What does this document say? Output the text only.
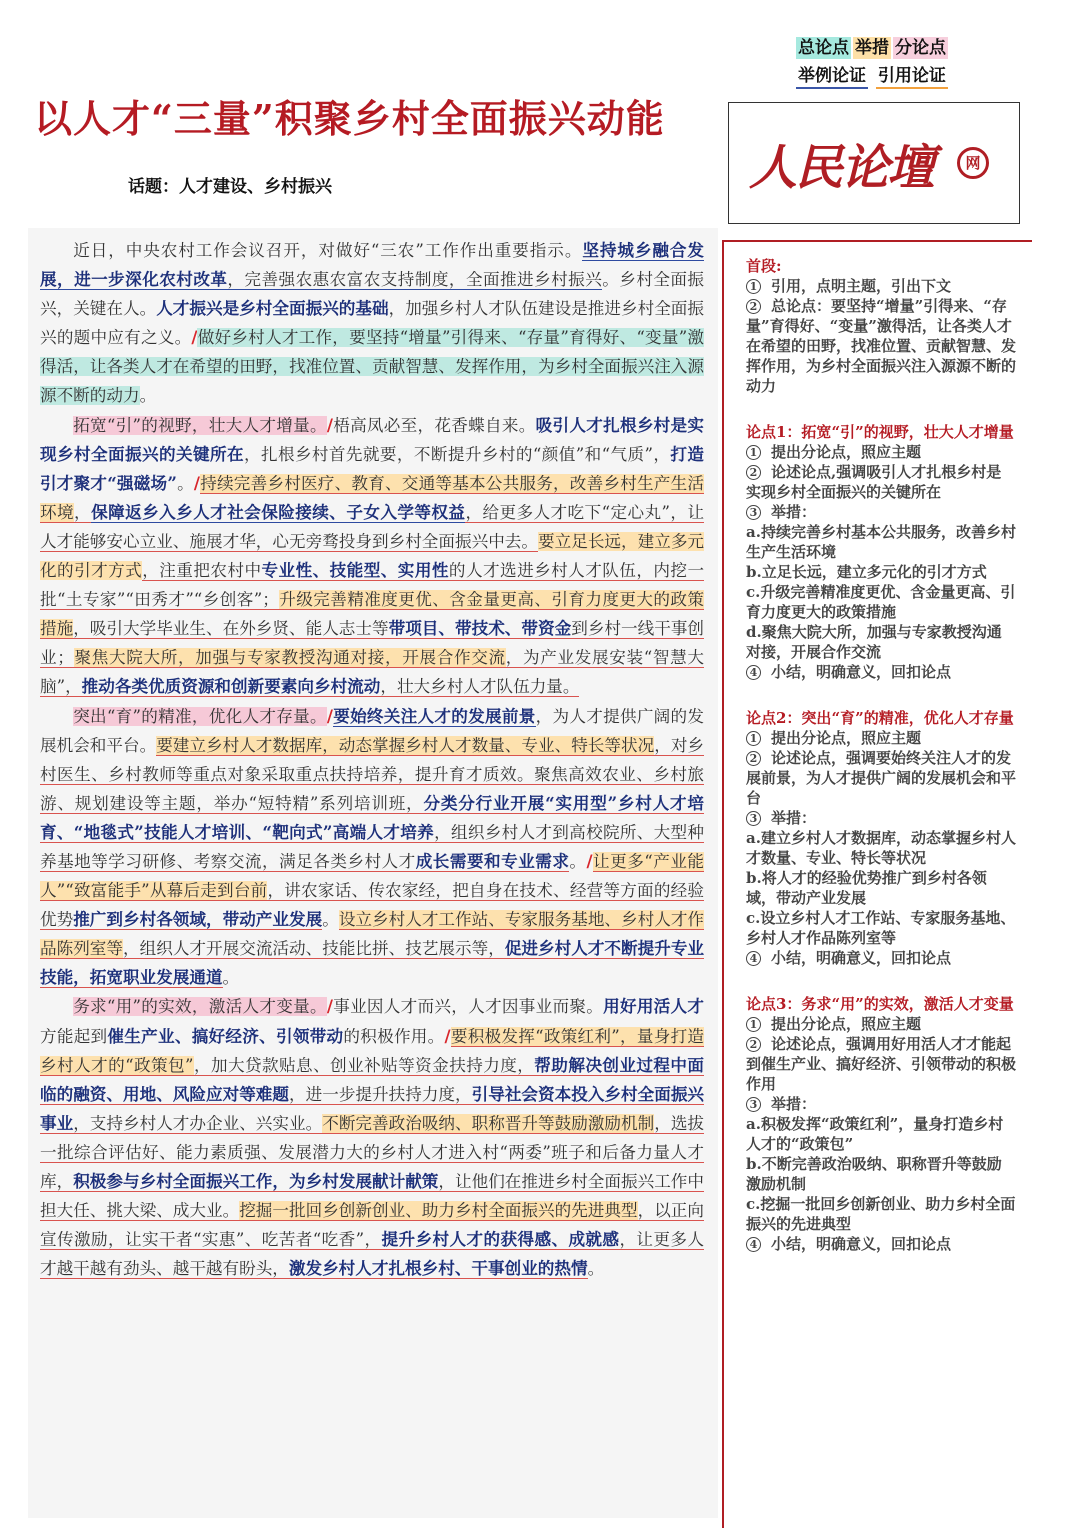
总论点 举措 分论点
举例论证 引用论证
以人才“三量”积聚乡村全面振兴动能
话题：人才建设、乡村振兴	人民论壇	网

近日，中央农村工作会议召开，对做好“三农”工作作出重要指示。坚持城乡融合发展，进一步深化农村改革，完善强农惠农富农支持制度，全面推进乡村振兴。乡村全面振兴，关键在人。人才振兴是乡村全面振兴的基础，加强乡村人才队伍建设是推进乡村全面振兴的题中应有之义。/做好乡村人才工作，要坚持“增量”引得来、“存量”育得好、“变量”激得活，让各类人才在希望的田野，找准位置、贡献智慧、发挥作用，为乡村全面振兴注入源源不断的动力。

拓宽“引”的视野，壮大人才增量。/梧高凤必至，花香蝶自来。吸引人才扎根乡村是实现乡村全面振兴的关键所在，扎根乡村首先就要，不断提升乡村的“颜值”和“气质”，打造引才聚才“强磁场”。/持续完善乡村医疗、教育、交通等基本公共服务，改善乡村生产生活环境，保障返乡入乡人才社会保险接续、子女入学等权益，给更多人才吃下“定心丸”，让人才能够安心立业、施展才华，心无旁骛投身到乡村全面振兴中去。要立足长远，建立多元化的引才方式，注重把农村中专业性、技能型、实用性的人才选进乡村人才队伍，内挖一批“土专家”“田秀才”“乡创客”；升级完善精准度更优、含金量更高、引育力度更大的政策措施，吸引大学毕业生、在外乡贤、能人志士等带项目、带技术、带资金到乡村一线干事创业；聚焦大院大所，加强与专家教授沟通对接，开展合作交流，为产业发展安装“智慧大脑”，推动各类优质资源和创新要素向乡村流动，壮大乡村人才队伍力量。

突出“育”的精准，优化人才存量。/要始终关注人才的发展前景，为人才提供广阔的发展机会和平台。要建立乡村人才数据库，动态掌握乡村人才数量、专业、特长等状况，对乡村医生、乡村教师等重点对象采取重点扶持培养，提升育才质效。聚焦高效农业、乡村旅游、规划建设等主题，举办“短特精”系列培训班，分类分行业开展“实用型”乡村人才培育、“地毯式”技能人才培训、“靶向式”高端人才培养，组织乡村人才到高校院所、大型种养基地等学习研修、考察交流，满足各类乡村人才成长需要和专业需求。/让更多“产业能人”“致富能手”从幕后走到台前，讲农家话、传农家经，把自身在技术、经营等方面的经验优势推广到乡村各领域，带动产业发展。设立乡村人才工作站、专家服务基地、乡村人才作品陈列室等，组织人才开展交流活动、技能比拼、技艺展示等，促进乡村人才不断提升专业技能，拓宽职业发展通道。

务求“用”的实效，激活人才变量。/事业因人才而兴，人才因事业而聚。用好用活人才方能起到催生产业、搞好经济、引领带动的积极作用。/要积极发挥“政策红利”，量身打造乡村人才的“政策包”，加大贷款贴息、创业补贴等资金扶持力度，帮助解决创业过程中面临的融资、用地、风险应对等难题，进一步提升扶持力度，引导社会资本投入乡村全面振兴事业，支持乡村人才办企业、兴实业。不断完善政治吸纳、职称晋升等鼓励激励机制，选拔一批综合评估好、能力素质强、发展潜力大的乡村人才进入村“两委”班子和后备力量人才库，积极参与乡村全面振兴工作，为乡村发展献计献策，让他们在推进乡村全面振兴工作中担大任、挑大梁、成大业。挖掘一批回乡创新创业、助力乡村全面振兴的先进典型，以正向宣传激励，让实干者“实惠”、吃苦者“吃香”，提升乡村人才的获得感、成就感，让更多人才越干越有劲头、越干越有盼头，激发乡村人才扎根乡村、干事创业的热情。

首段:
1 引用，点明主题，引出下文
2 总论点：要坚持“增量”引得来、“存量”育得好、“变量”激得活，让各类人才在希望的田野，找准位置、贡献智慧、发挥作用，为乡村全面振兴注入源源不断的动力
论点1：拓宽“引”的视野，壮大人才增量
1 提出分论点，照应主题
2 论述论点,强调吸引人才扎根乡村是实现乡村全面振兴的关键所在
3 举措：
a.持续完善乡村基本公共服务，改善乡村生产生活环境
b.立足长远，建立多元化的引才方式
c.升级完善精准度更优、含金量更高、引育力度更大的政策措施
d.聚焦大院大所，加强与专家教授沟通对接，开展合作交流
4 小结，明确意义，回扣论点
论点2：突出“育”的精准，优化人才存量
1 提出分论点，照应主题
2 论述论点，强调要始终关注人才的发展前景，为人才提供广阔的发展机会和平台
3 举措：
a.建立乡村人才数据库，动态掌握乡村人才数量、专业、特长等状况
b.将人才的经验优势推广到乡村各领域，带动产业发展
c.设立乡村人才工作站、专家服务基地、乡村人才作品陈列室等
4 小结，明确意义，回扣论点
论点3：务求“用”的实效，激活人才变量
1 提出分论点，照应主题
2 论述论点，强调用好用活人才才能起到催生产业、搞好经济、引领带动的积极作用
3 举措：
a.积极发挥“政策红利”，量身打造乡村人才的“政策包”
b.不断完善政治吸纳、职称晋升等鼓励激励机制
c.挖掘一批回乡创新创业、助力乡村全面振兴的先进典型
4 小结，明确意义，回扣论点
